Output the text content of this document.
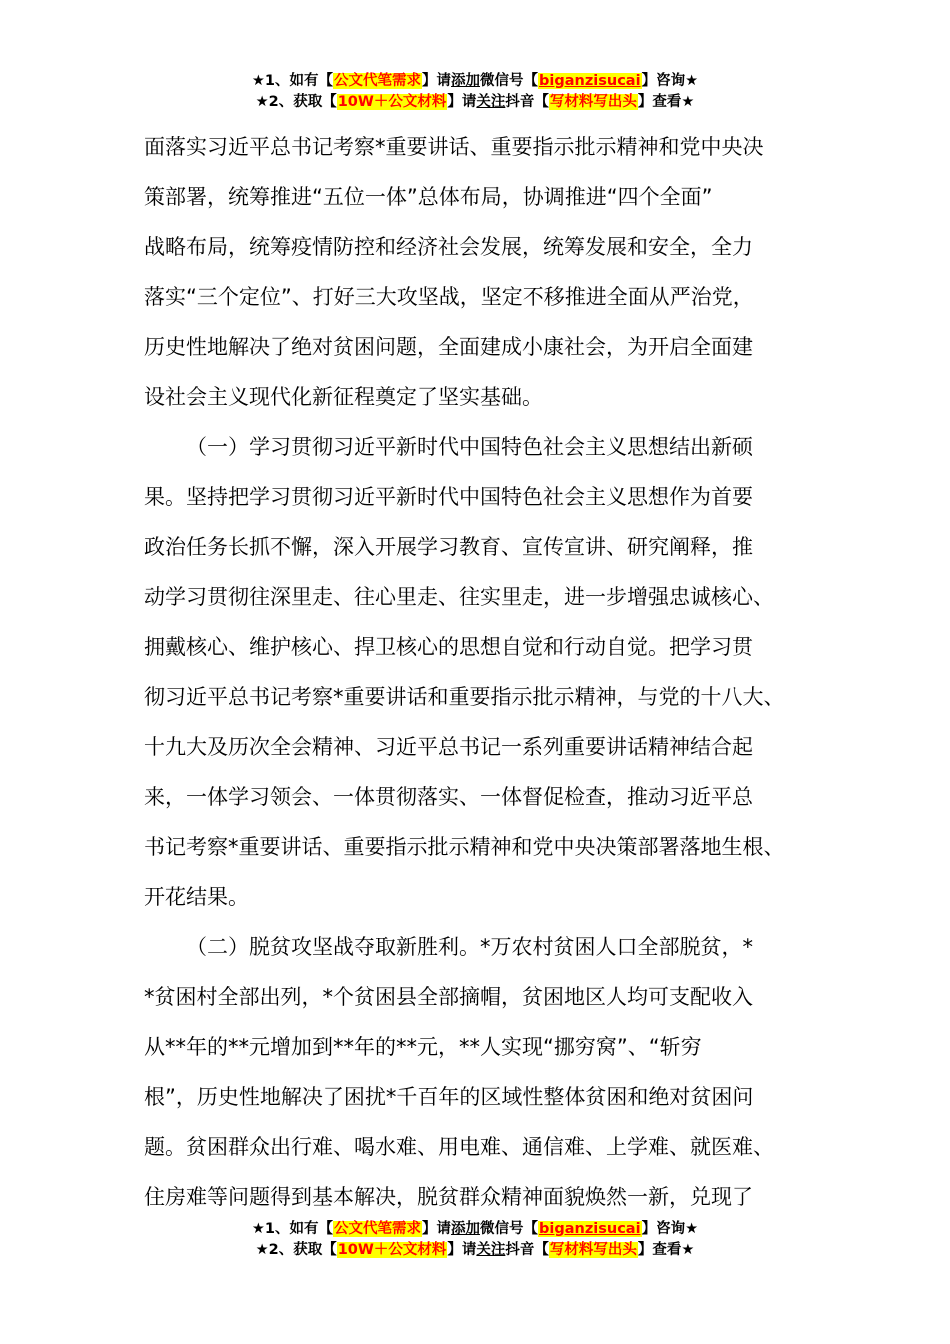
★1、如有【公文代笔需求】请添加微信号【biganzisucai】咨询★
★2、获取【10W＋公文材料】请关注抖音【写材料写出头】查看★
面落实习近平总书记考察*重要讲话、重要指示批示精神和党中央决
策部署，统筹推进“五位一体”总体布局，协调推进“四个全面”
战略布局，统筹疫情防控和经济社会发展，统筹发展和安全，全力
落实“三个定位”、打好三大攻坚战，坚定不移推进全面从严治党，
历史性地解决了绝对贫困问题，全面建成小康社会，为开启全面建
设社会主义现代化新征程奠定了坚实基础。
（一）学习贯彻习近平新时代中国特色社会主义思想结出新硕
果。坚持把学习贯彻习近平新时代中国特色社会主义思想作为首要
政治任务长抓不懈，深入开展学习教育、宣传宣讲、研究阐释，推
动学习贯彻往深里走、往心里走、往实里走，进一步增强忠诚核心、
拥戴核心、维护核心、捍卫核心的思想自觉和行动自觉。把学习贯
彻习近平总书记考察*重要讲话和重要指示批示精神，与党的十八大、
十九大及历次全会精神、习近平总书记一系列重要讲话精神结合起
来，一体学习领会、一体贯彻落实、一体督促检查，推动习近平总
书记考察*重要讲话、重要指示批示精神和党中央决策部署落地生根、
开花结果。
（二）脱贫攻坚战夺取新胜利。*万农村贫困人口全部脱贫，*
*贫困村全部出列，*个贫困县全部摘帽，贫困地区人均可支配收入
从**年的**元增加到**年的**元，**人实现“挪穷窝”、“斩穷
根”，历史性地解决了困扰*千百年的区域性整体贫困和绝对贫困问
题。贫困群众出行难、喝水难、用电难、通信难、上学难、就医难、
住房难等问题得到基本解决，脱贫群众精神面貌焕然一新，兑现了
★1、如有【公文代笔需求】请添加微信号【biganzisucai】咨询★
★2、获取【10W＋公文材料】请关注抖音【写材料写出头】查看★
